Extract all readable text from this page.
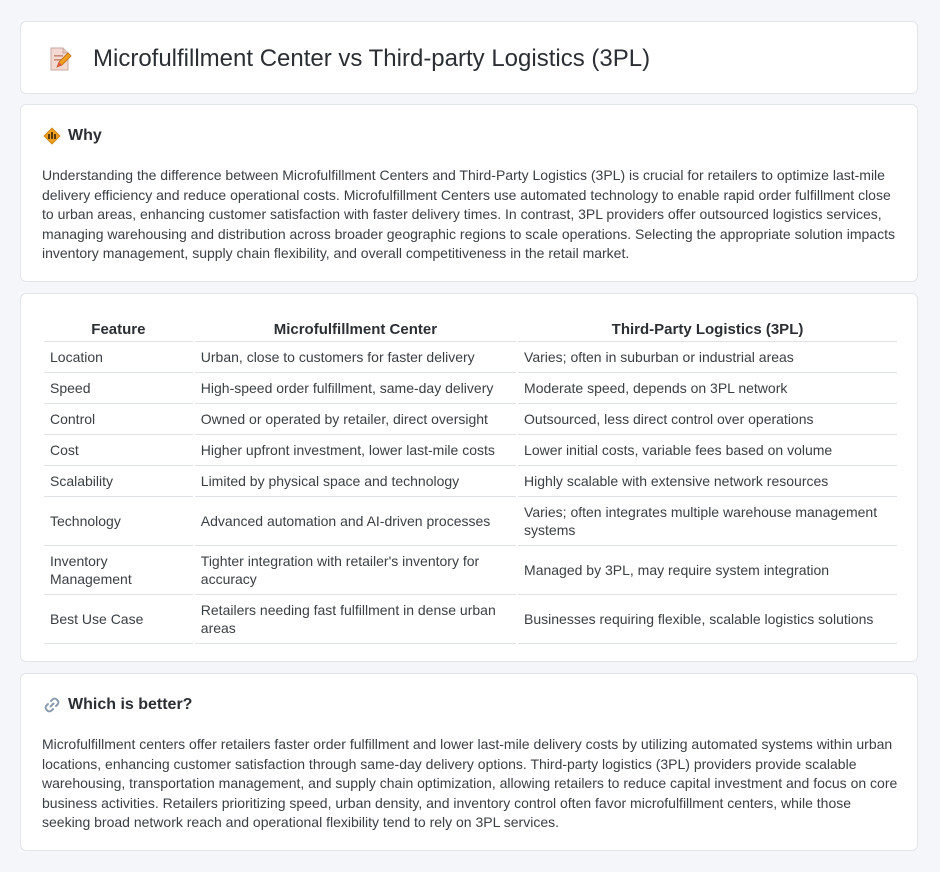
Microfulfillment Center vs Third-party Logistics (3PL)
Why

Understanding the difference between Microfulfillment Centers and Third-Party Logistics (3PL) is crucial for retailers to optimize last-mile delivery efficiency and reduce operational costs. Microfulfillment Centers use automated technology to enable rapid order fulfillment close to urban areas, enhancing customer satisfaction with faster delivery times. In contrast, 3PL providers offer outsourced logistics services, managing warehousing and distribution across broader geographic regions to scale operations. Selecting the appropriate solution impacts inventory management, supply chain flexibility, and overall competitiveness in the retail market.

Feature	Microfulfillment Center	Third-Party Logistics (3PL)
Location	Urban, close to customers for faster delivery	Varies; often in suburban or industrial areas
Speed	High-speed order fulfillment, same-day delivery	Moderate speed, depends on 3PL network
Control	Owned or operated by retailer, direct oversight	Outsourced, less direct control over operations
Cost	Higher upfront investment, lower last-mile costs	Lower initial costs, variable fees based on volume
Scalability	Limited by physical space and technology	Highly scalable with extensive network resources
Technology	Advanced automation and AI-driven processes	Varies; often integrates multiple warehouse management systems
Inventory Management	Tighter integration with retailer's inventory for accuracy	Managed by 3PL, may require system integration
Best Use Case	Retailers needing fast fulfillment in dense urban areas	Businesses requiring flexible, scalable logistics solutions
Which is better?

Microfulfillment centers offer retailers faster order fulfillment and lower last-mile delivery costs by utilizing automated systems within urban locations, enhancing customer satisfaction through same-day delivery options. Third-party logistics (3PL) providers provide scalable warehousing, transportation management, and supply chain optimization, allowing retailers to reduce capital investment and focus on core business activities. Retailers prioritizing speed, urban density, and inventory control often favor microfulfillment centers, while those seeking broad network reach and operational flexibility tend to rely on 3PL services.
